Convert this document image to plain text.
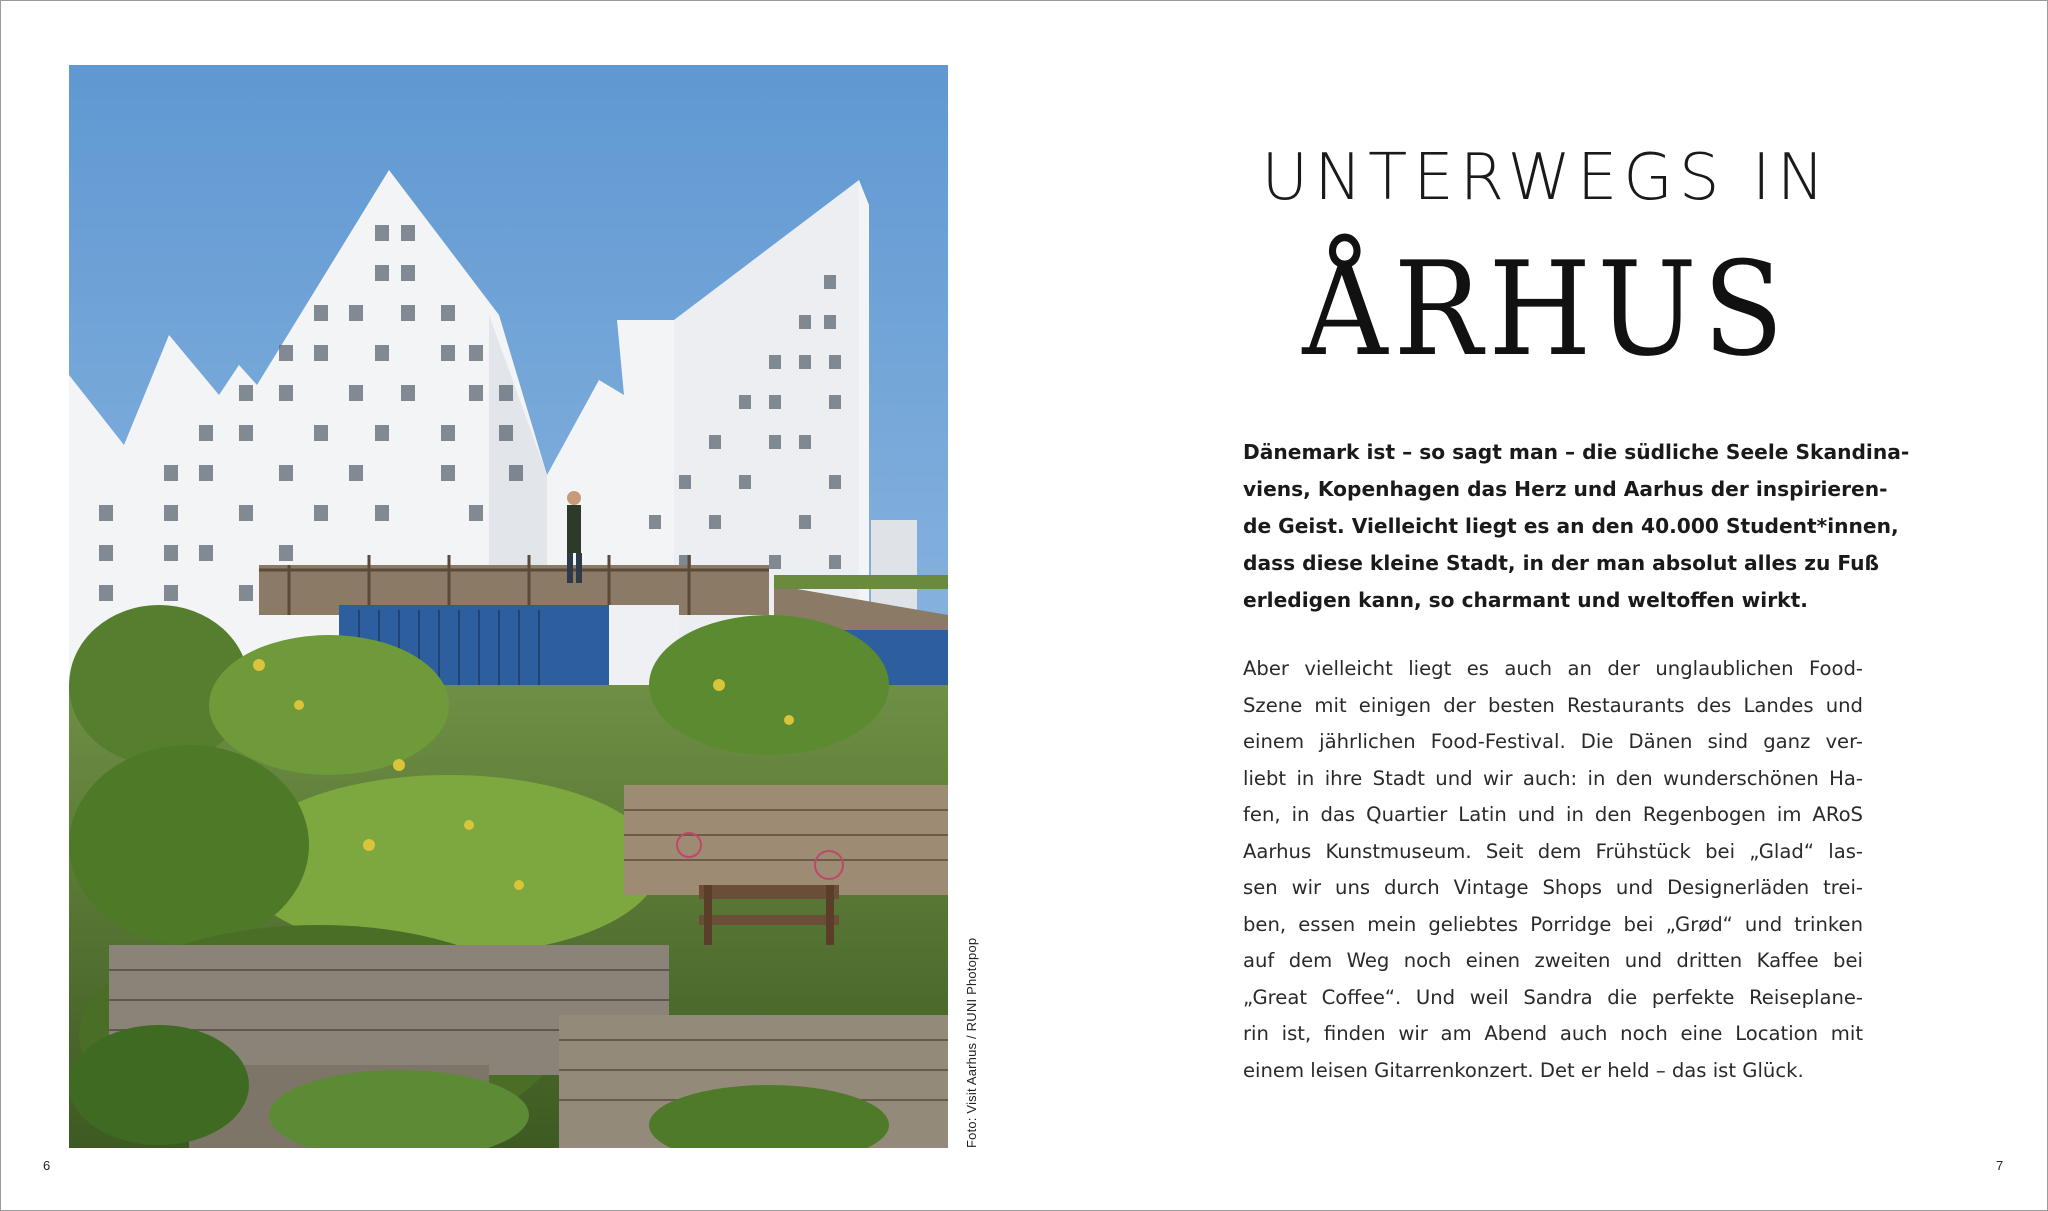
Foto: Visit Aarhus / RUNI Photopop
6	7
UNTERWEGS IN
ÅRHUS

Dänemark ist – so sagt man – die südliche Seele Skandina-
viens, Kopenhagen das Herz und Aarhus der inspirieren-
de Geist. Vielleicht liegt es an den 40.000 Student*innen,
dass diese kleine Stadt, in der man absolut alles zu Fuß
erledigen kann, so charmant und weltoffen wirkt.

Aber vielleicht liegt es auch an der unglaublichen Food-
Szene mit einigen der besten Restaurants des Landes und
einem jährlichen Food-Festival. Die Dänen sind ganz ver-
liebt in ihre Stadt und wir auch: in den wunderschönen Ha-
fen, in das Quartier Latin und in den Regenbogen im ARoS
Aarhus Kunstmuseum. Seit dem Frühstück bei „Glad“ las-
sen wir uns durch Vintage Shops und Designerläden trei-
ben, essen mein geliebtes Porridge bei „Grød“ und trinken
auf dem Weg noch einen zweiten und dritten Kaffee bei
„Great Coffee“. Und weil Sandra die perfekte Reiseplane-
rin ist, finden wir am Abend auch noch eine Location mit
einem leisen Gitarrenkonzert. Det er held – das ist Glück.
